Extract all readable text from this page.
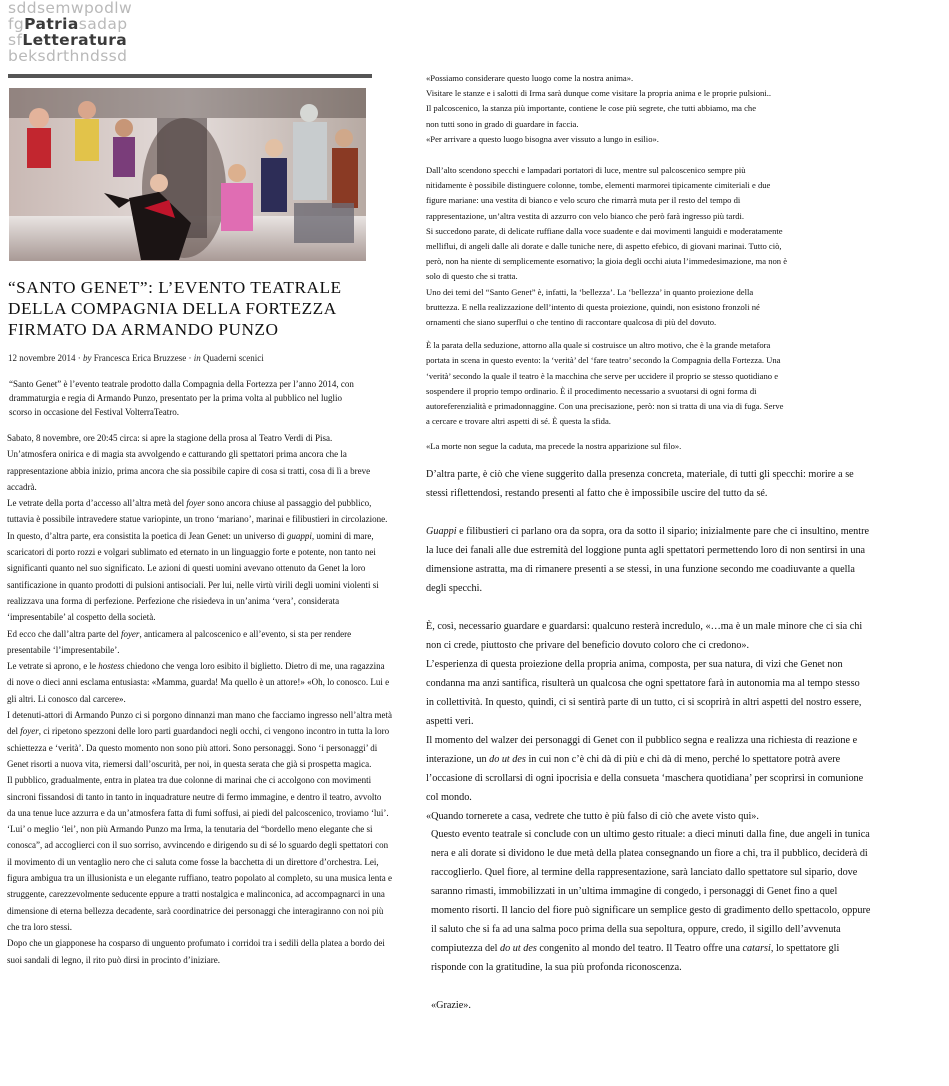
sddsemwpodlw
fgPatriasadap
sfLetteratura
beksdrthndssd
“SANTO GENET”: L’EVENTO TEATRALE
DELLA COMPAGNIA DELLA FORTEZZA
FIRMATO DA ARMANDO PUNZO
12 novembre 2014 · by Francesca Erica Bruzzese · in Quaderni scenici

“Santo Genet” è l’evento teatrale prodotto dalla Compagnia della Fortezza per l’anno 2014, con

drammaturgia e regia di Armando Punzo, presentato per la prima volta al pubblico nel luglio

scorso in occasione del Festival VolterraTeatro.

Sabato, 8 novembre, ore 20:45 circa: si apre la stagione della prosa al Teatro Verdi di Pisa.

Un’atmosfera onirica e di magia sta avvolgendo e catturando gli spettatori prima ancora che la rappresentazione abbia inizio, prima ancora che sia possibile capire di cosa si tratti, cosa di lì a breve accadrà.

Le vetrate della porta d’accesso all’altra metà del foyer sono ancora chiuse al passaggio del pubblico, tuttavia è possibile intravedere statue variopinte, un trono ‘mariano’, marinai e filibustieri in circolazione.

In questo, d’altra parte, era consistita la poetica di Jean Genet: un universo di guappi, uomini di mare, scaricatori di porto rozzi e volgari sublimato ed eternato in un linguaggio forte e potente, non tanto nei significanti quanto nel suo significato. Le azioni di questi uomini avevano ottenuto da Genet la loro santificazione in quanto prodotti di pulsioni antisociali. Per lui, nelle virtù virili degli uomini violenti si realizzava una forma di perfezione. Perfezione che risiedeva in un’anima ‘vera’, considerata ‘impresentabile’ al cospetto della società.

Ed ecco che dall’altra parte del foyer, anticamera al palcoscenico e all’evento, si sta per rendere presentabile ‘l’impresentabile’.

Le vetrate si aprono, e le hostess chiedono che venga loro esibito il biglietto. Dietro di me, una ragazzina di nove o dieci anni esclama entusiasta: «Mamma, guarda! Ma quello è un attore!» «Oh, lo conosco. Lui e gli altri. Li conosco dal carcere».

I detenuti-attori di Armando Punzo ci si porgono dinnanzi man mano che facciamo ingresso nell’altra metà del foyer, ci ripetono spezzoni delle loro parti guardandoci negli occhi, ci vengono incontro in tutta la loro schiettezza e ‘verità’. Da questo momento non sono più attori. Sono personaggi. Sono ‘i personaggi’ di Genet risorti a nuova vita, riemersi dall’oscurità, per noi, in questa serata che già si prospetta magica.

Il pubblico, gradualmente, entra in platea tra due colonne di marinai che ci accolgono con movimenti sincroni fissandosi di tanto in tanto in inquadrature neutre di fermo immagine, e dentro il teatro, avvolto da una tenue luce azzurra e da un’atmosfera fatta di fumi soffusi, ai piedi del palcoscenico, troviamo ‘lui’. ‘Lui’ o meglio ‘lei’, non più Armando Punzo ma Irma, la tenutaria del “bordello meno elegante che si conosca”, ad accoglierci con il suo sorriso, avvincendo e dirigendo su di sé lo sguardo degli spettatori con il movimento di un ventaglio nero che ci saluta come fosse la bacchetta di un direttore d’orchestra. Lei, figura ambigua tra un illusionista e un elegante ruffiano, teatro popolato al completo, su una musica lenta e struggente, carezzevolmente seducente eppure a tratti nostalgica e malinconica, ad accompagnarci in una dimensione di eterna bellezza decadente, sarà coordinatrice dei personaggi che interagiranno con noi più che tra loro stessi.

Dopo che un giapponese ha cosparso di unguento profumato i corridoi tra i sedili della platea a bordo dei suoi sandali di legno, il rito può dirsi in procinto d’iniziare.

«Possiamo considerare questo luogo come la nostra anima».

Visitare le stanze e i salotti di Irma sarà dunque come visitare la propria anima e le proprie pulsioni..

Il palcoscenico, la stanza più importante, contiene le cose più segrete, che tutti abbiamo, ma che

non tutti sono in grado di guardare in faccia.

«Per arrivare a questo luogo bisogna aver vissuto a lungo in esilio».

Dall’alto scendono specchi e lampadari portatori di luce, mentre sul palcoscenico sempre più nitidamente è possibile distinguere colonne, tombe, elementi marmorei tipicamente cimiteriali e due figure mariane: una vestita di bianco e velo scuro che rimarrà muta per il resto del tempo di rappresentazione, un’altra vestita di azzurro con velo bianco che però farà ingresso più tardi.

Si succedono parate, di delicate ruffiane dalla voce suadente e dai movimenti languidi e moderatamente melliflui, di angeli dalle ali dorate e dalle tuniche nere, di aspetto efebico, di giovani marinai. Tutto ciò, però, non ha niente di semplicemente esornativo; la gioia degli occhi aiuta l’immedesimazione, ma non è solo di questo che si tratta.

Uno dei temi del “Santo Genet” è, infatti, la ‘bellezza’. La ‘bellezza’ in quanto proiezione della bruttezza. E nella realizzazione dell’intento di questa proiezione, quindi, non esistono fronzoli né ornamenti che siano superflui o che tentino di raccontare qualcosa di più del dovuto.

È la parata della seduzione, attorno alla quale si costruisce un altro motivo, che è la grande metafora portata in scena in questo evento: la ‘verità’ del ‘fare teatro’ secondo la Compagnia della Fortezza. Una ‘verità’ secondo la quale il teatro è la macchina che serve per uccidere il proprio se stesso quotidiano e sospendere il proprio tempo ordinario. È il procedimento necessario a svuotarsi di ogni forma di autoreferenzialità e primadonnaggine. Con una precisazione, però: non si tratta di una via di fuga. Serve a cercare e trovare altri aspetti di sé. È questa la sfida.

«La morte non segue la caduta, ma precede la nostra apparizione sul filo».

D’altra parte, è ciò che viene suggerito dalla presenza concreta, materiale, di tutti gli specchi: morire a se stessi riflettendosi, restando presenti al fatto che è impossibile uscire del tutto da sé.

Guappi e filibustieri ci parlano ora da sopra, ora da sotto il sipario; inizialmente pare che ci insultino, mentre la luce dei fanali alle due estremità del loggione punta agli spettatori permettendo loro di non sentirsi in una dimensione astratta, ma di rimanere presenti a se stessi, in una funzione secondo me coadiuvante a quella degli specchi.

È, così, necessario guardare e guardarsi: qualcuno resterà incredulo, «…ma è un male minore che ci sia chi non ci crede, piuttosto che privare del beneficio dovuto coloro che ci credono».

L’esperienza di questa proiezione della propria anima, composta, per sua natura, di vizi che Genet non condanna ma anzi santifica, risulterà un qualcosa che ogni spettatore farà in autonomia ma al tempo stesso in collettività. In questo, quindi, ci si sentirà parte di un tutto, ci si scoprirà in altri aspetti del nostro essere, aspetti veri.

Il momento del walzer dei personaggi di Genet con il pubblico segna e realizza una richiesta di reazione e interazione, un do ut des in cui non c’è chi dà di più e chi dà di meno, perché lo spettatore potrà avere l’occasione di scrollarsi di ogni ipocrisia e della consueta ‘maschera quotidiana’ per scoprirsi in comunione col mondo.

«Quando tornerete a casa, vedrete che tutto è più falso di ciò che avete visto qui».

Questo evento teatrale si conclude con un ultimo gesto rituale: a dieci minuti dalla fine, due angeli in tunica nera e ali dorate si dividono le due metà della platea consegnando un fiore a chi, tra il pubblico, deciderà di raccoglierlo. Quel fiore, al termine della rappresentazione, sarà lanciato dallo spettatore sul sipario, dove saranno rimasti, immobilizzati in un’ultima immagine di congedo, i personaggi di Genet fino a quel momento risorti. Il lancio del fiore può significare un semplice gesto di gradimento dello spettacolo, oppure il saluto che si fa ad una salma poco prima della sua sepoltura, oppure, credo, il sigillo dell’avvenuta compiutezza del do ut des congenito al mondo del teatro. Il Teatro offre una catarsi, lo spettatore gli risponde con la gratitudine, la sua più profonda riconoscenza.

«Grazie».
